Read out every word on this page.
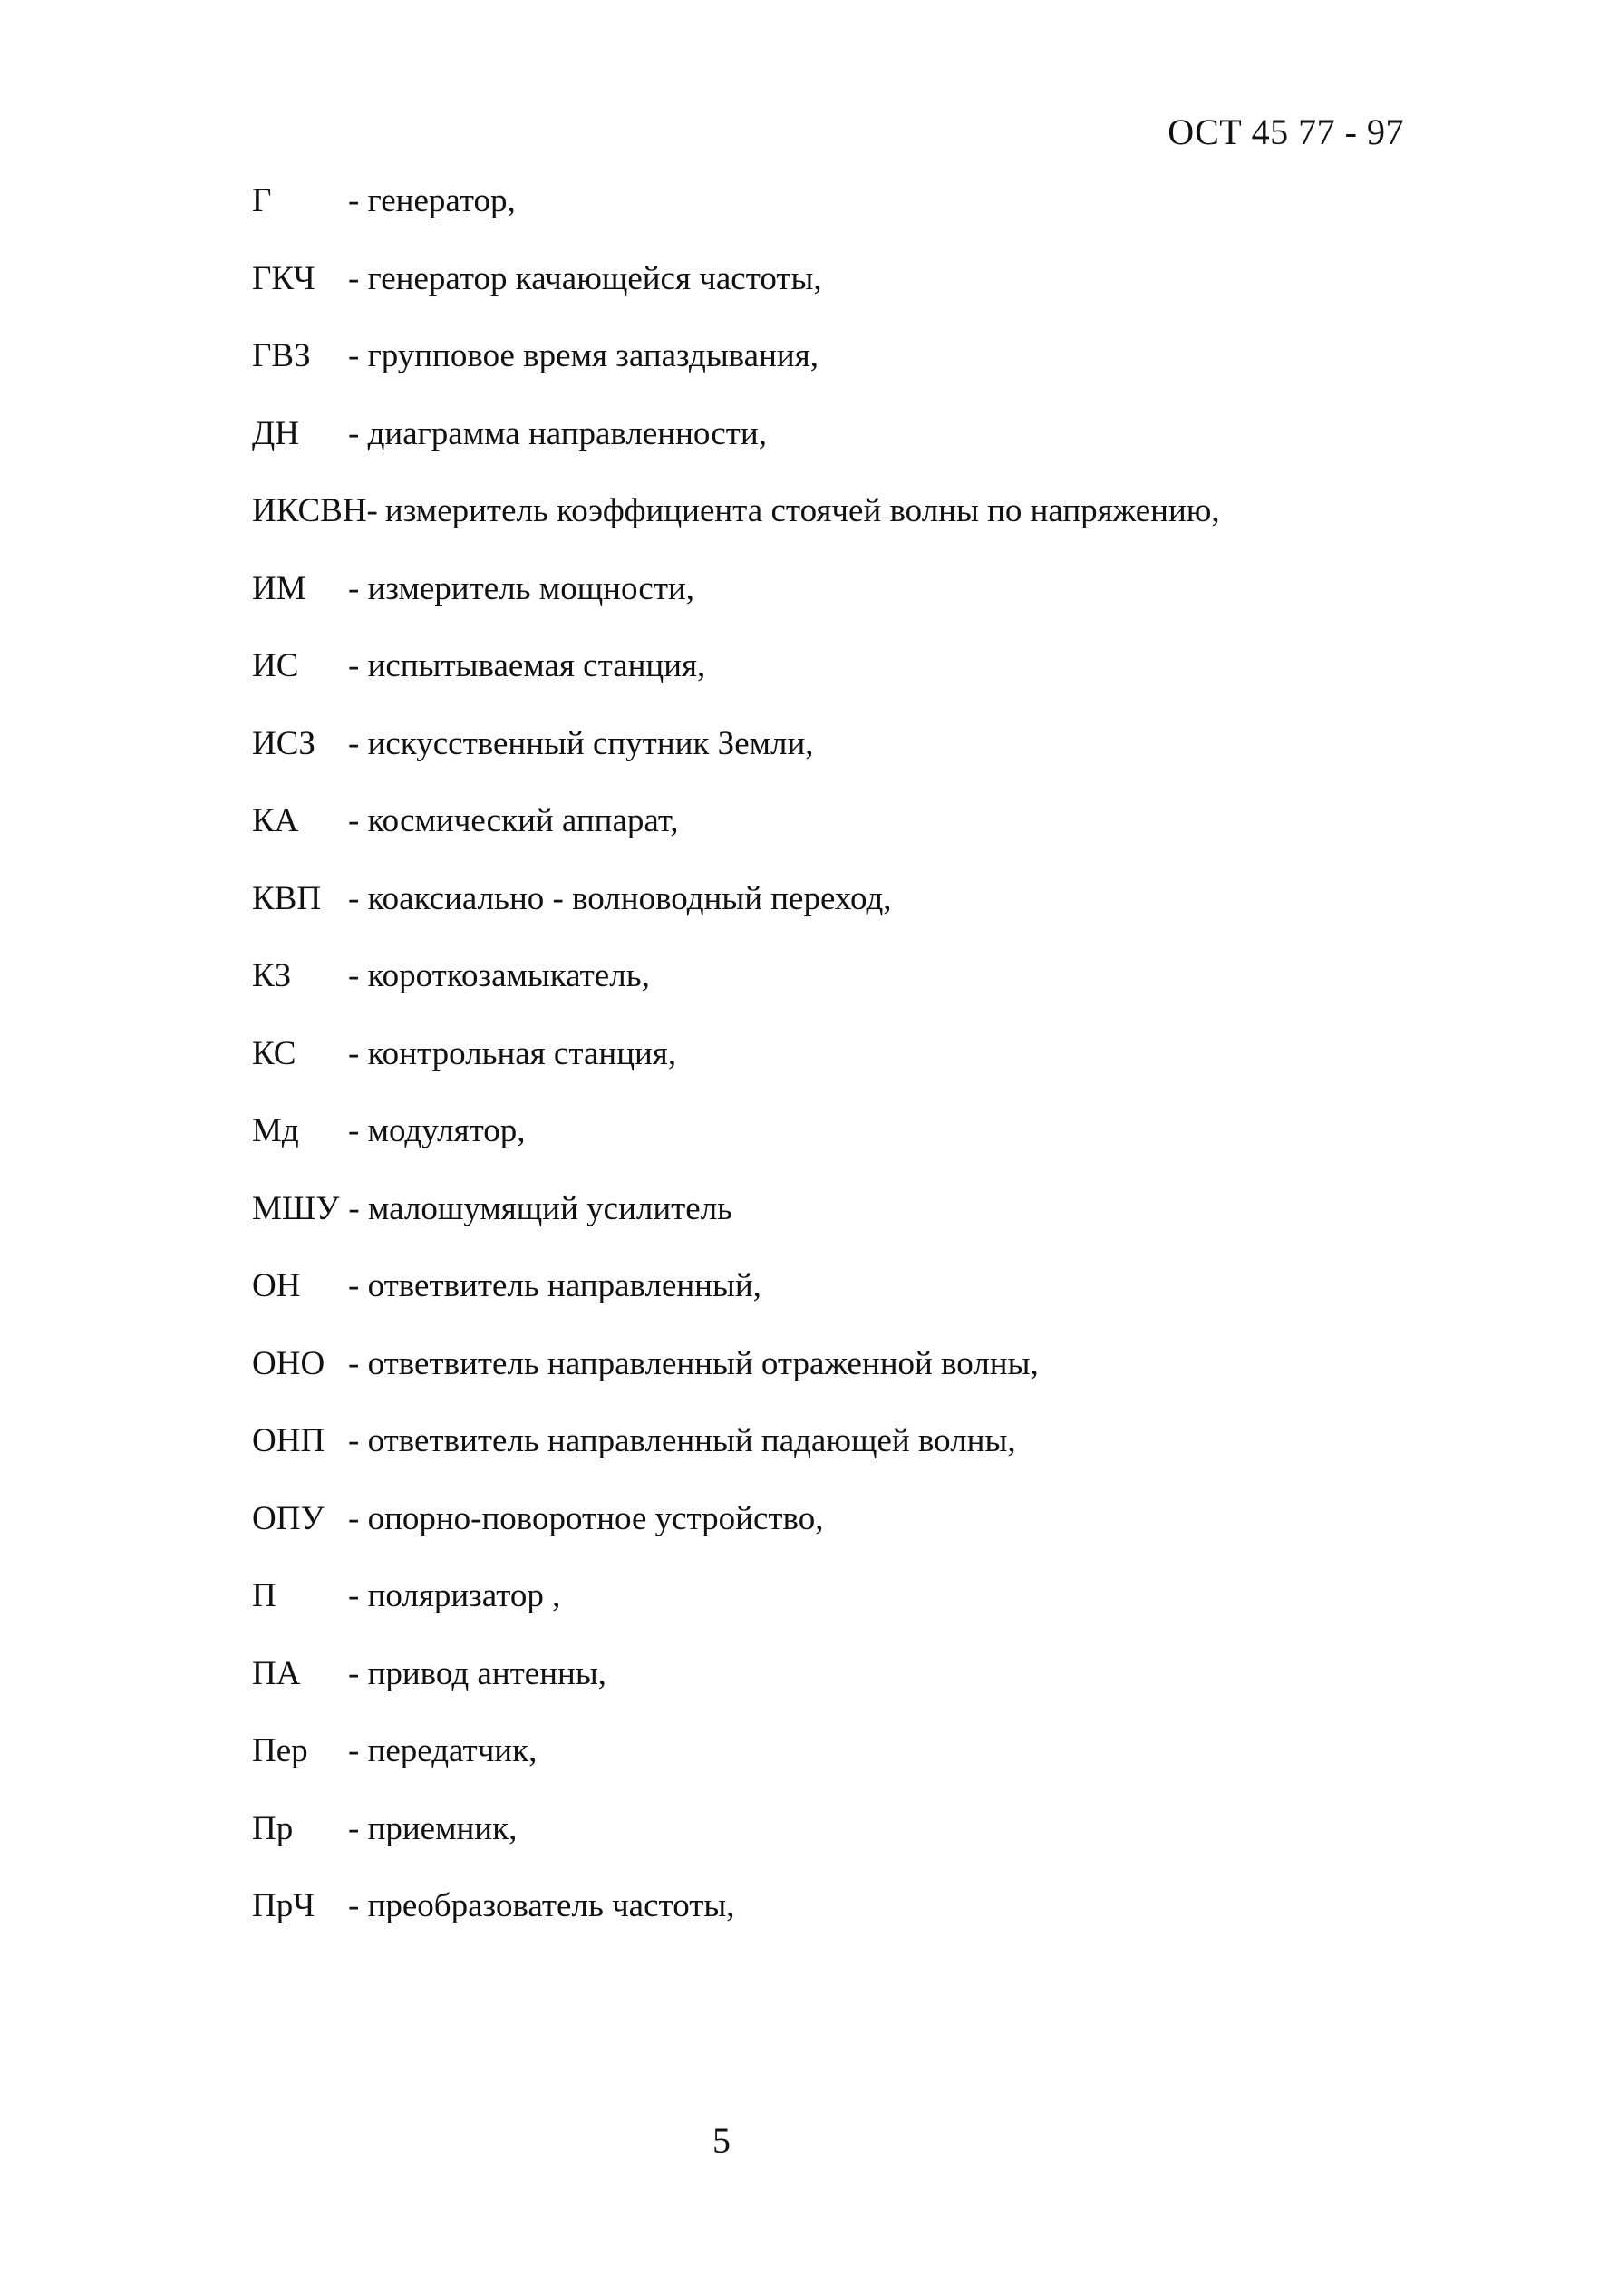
ОСТ 45 77 - 97
Г	- генератор,
ГКЧ - генератор качающейся частоты,
ГВЗ	- групповое время запаздывания,
ДН	- диаграмма направленности,
ИКСВН- измеритель коэффициента стоячей волны по напряжению,
ИМ	- измеритель мощности,
ИС	- испытываемая станция,
ИСЗ - искусственный спутник Земли,
КА	- космический аппарат,
КВП - коаксиально - волноводный переход,
КЗ	- короткозамыкатель,
КС	- контрольная станция,
Мд	- модулятор,
МШУ - малошумящий усилитель
ОН	- ответвитель направленный,
ОНО - ответвитель направленный отраженной волны,
ОНП - ответвитель направленный падающей волны,
ОПУ - опорно-поворотное устройство,
П	- поляризатор ,
ПА	- привод антенны,
Пер	- передатчик,
Пр	- приемник,
ПрЧ - преобразователь частоты,
5
